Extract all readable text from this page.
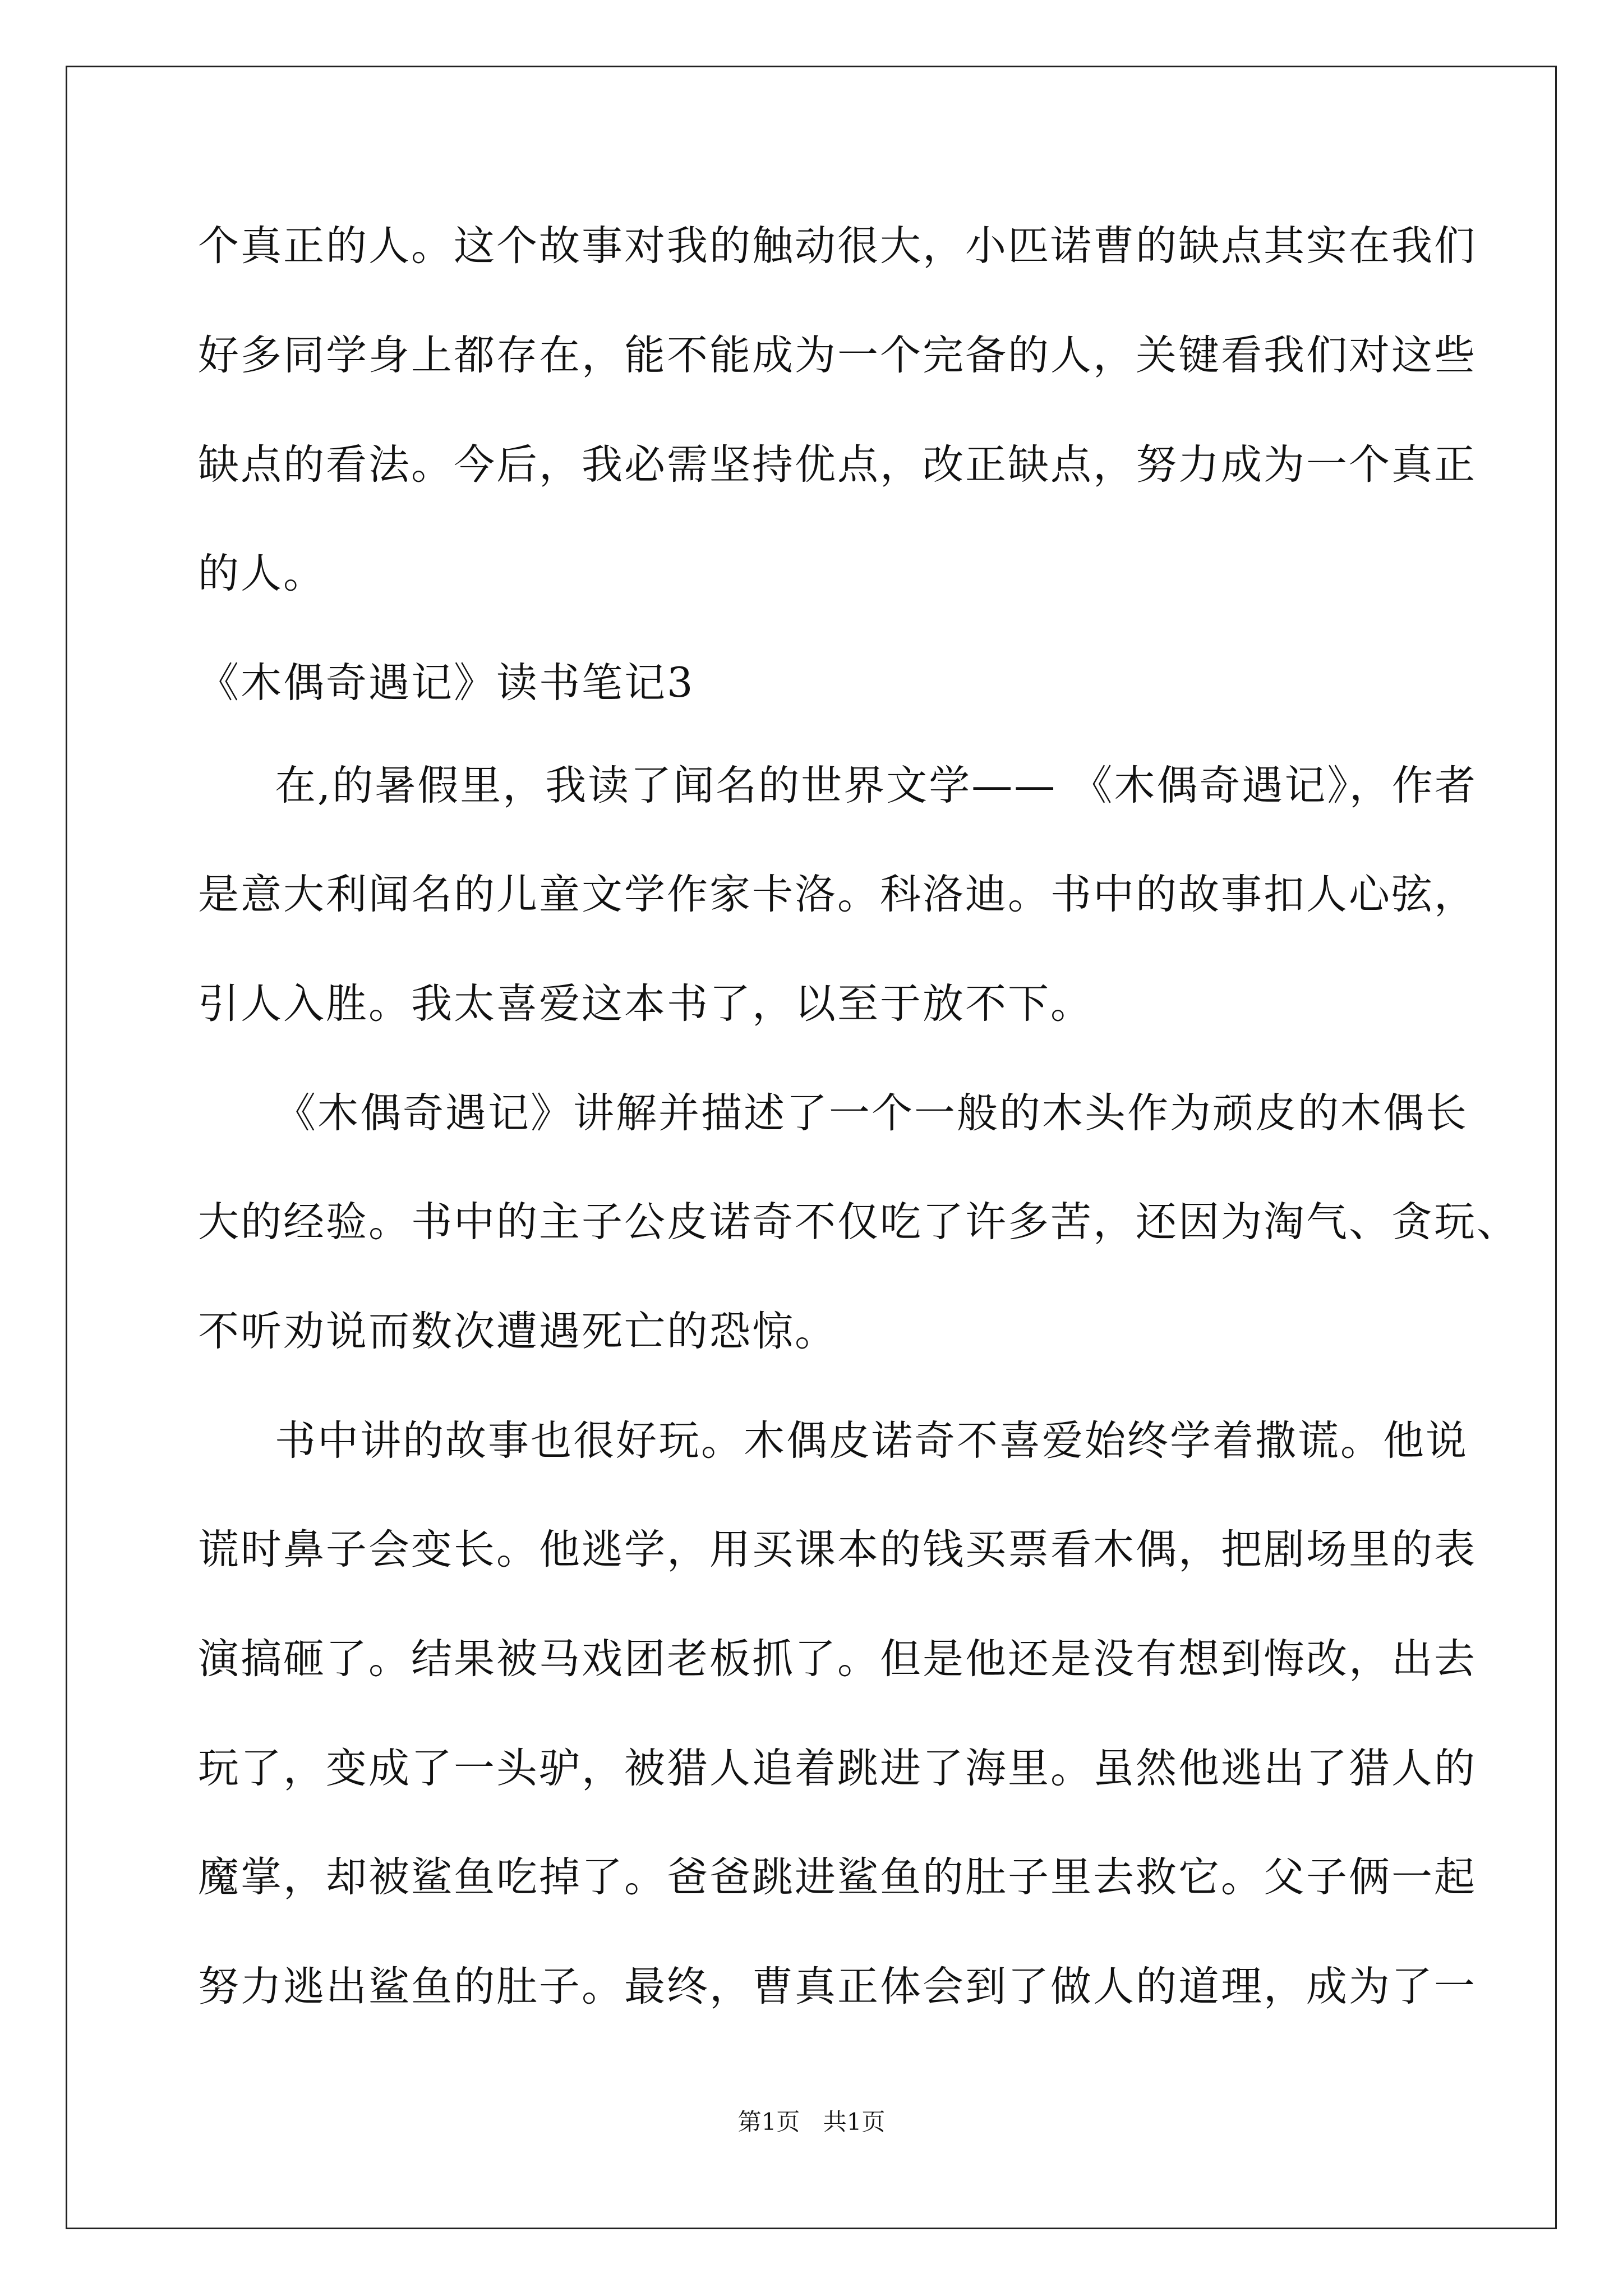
个真正的人。这个故事对我的触动很大，小匹诺曹的缺点其实在我们
好多同学身上都存在，能不能成为一个完备的人，关键看我们对这些
缺点的看法。今后，我必需坚持优点，改正缺点，努力成为一个真正
的人。
《木偶奇遇记》读书笔记3
在,的暑假里，我读了闻名的世界文学—— 《木偶奇遇记》，作者
是意大利闻名的儿童文学作家卡洛。科洛迪。书中的故事扣人心弦，
引人入胜。我太喜爱这本书了，以至于放不下。
《木偶奇遇记》讲解并描述了一个一般的木头作为顽皮的木偶长
大的经验。书中的主子公皮诺奇不仅吃了许多苦，还因为淘气、贪玩、
不听劝说而数次遭遇死亡的恐惊。
书中讲的故事也很好玩。木偶皮诺奇不喜爱始终学着撒谎。他说
谎时鼻子会变长。他逃学，用买课本的钱买票看木偶，把剧场里的表
演搞砸了。结果被马戏团老板抓了。但是他还是没有想到悔改，出去
玩了，变成了一头驴，被猎人追着跳进了海里。虽然他逃出了猎人的
魔掌，却被鲨鱼吃掉了。爸爸跳进鲨鱼的肚子里去救它。父子俩一起
努力逃出鲨鱼的肚子。最终，曹真正体会到了做人的道理，成为了一
第1页 共1页
